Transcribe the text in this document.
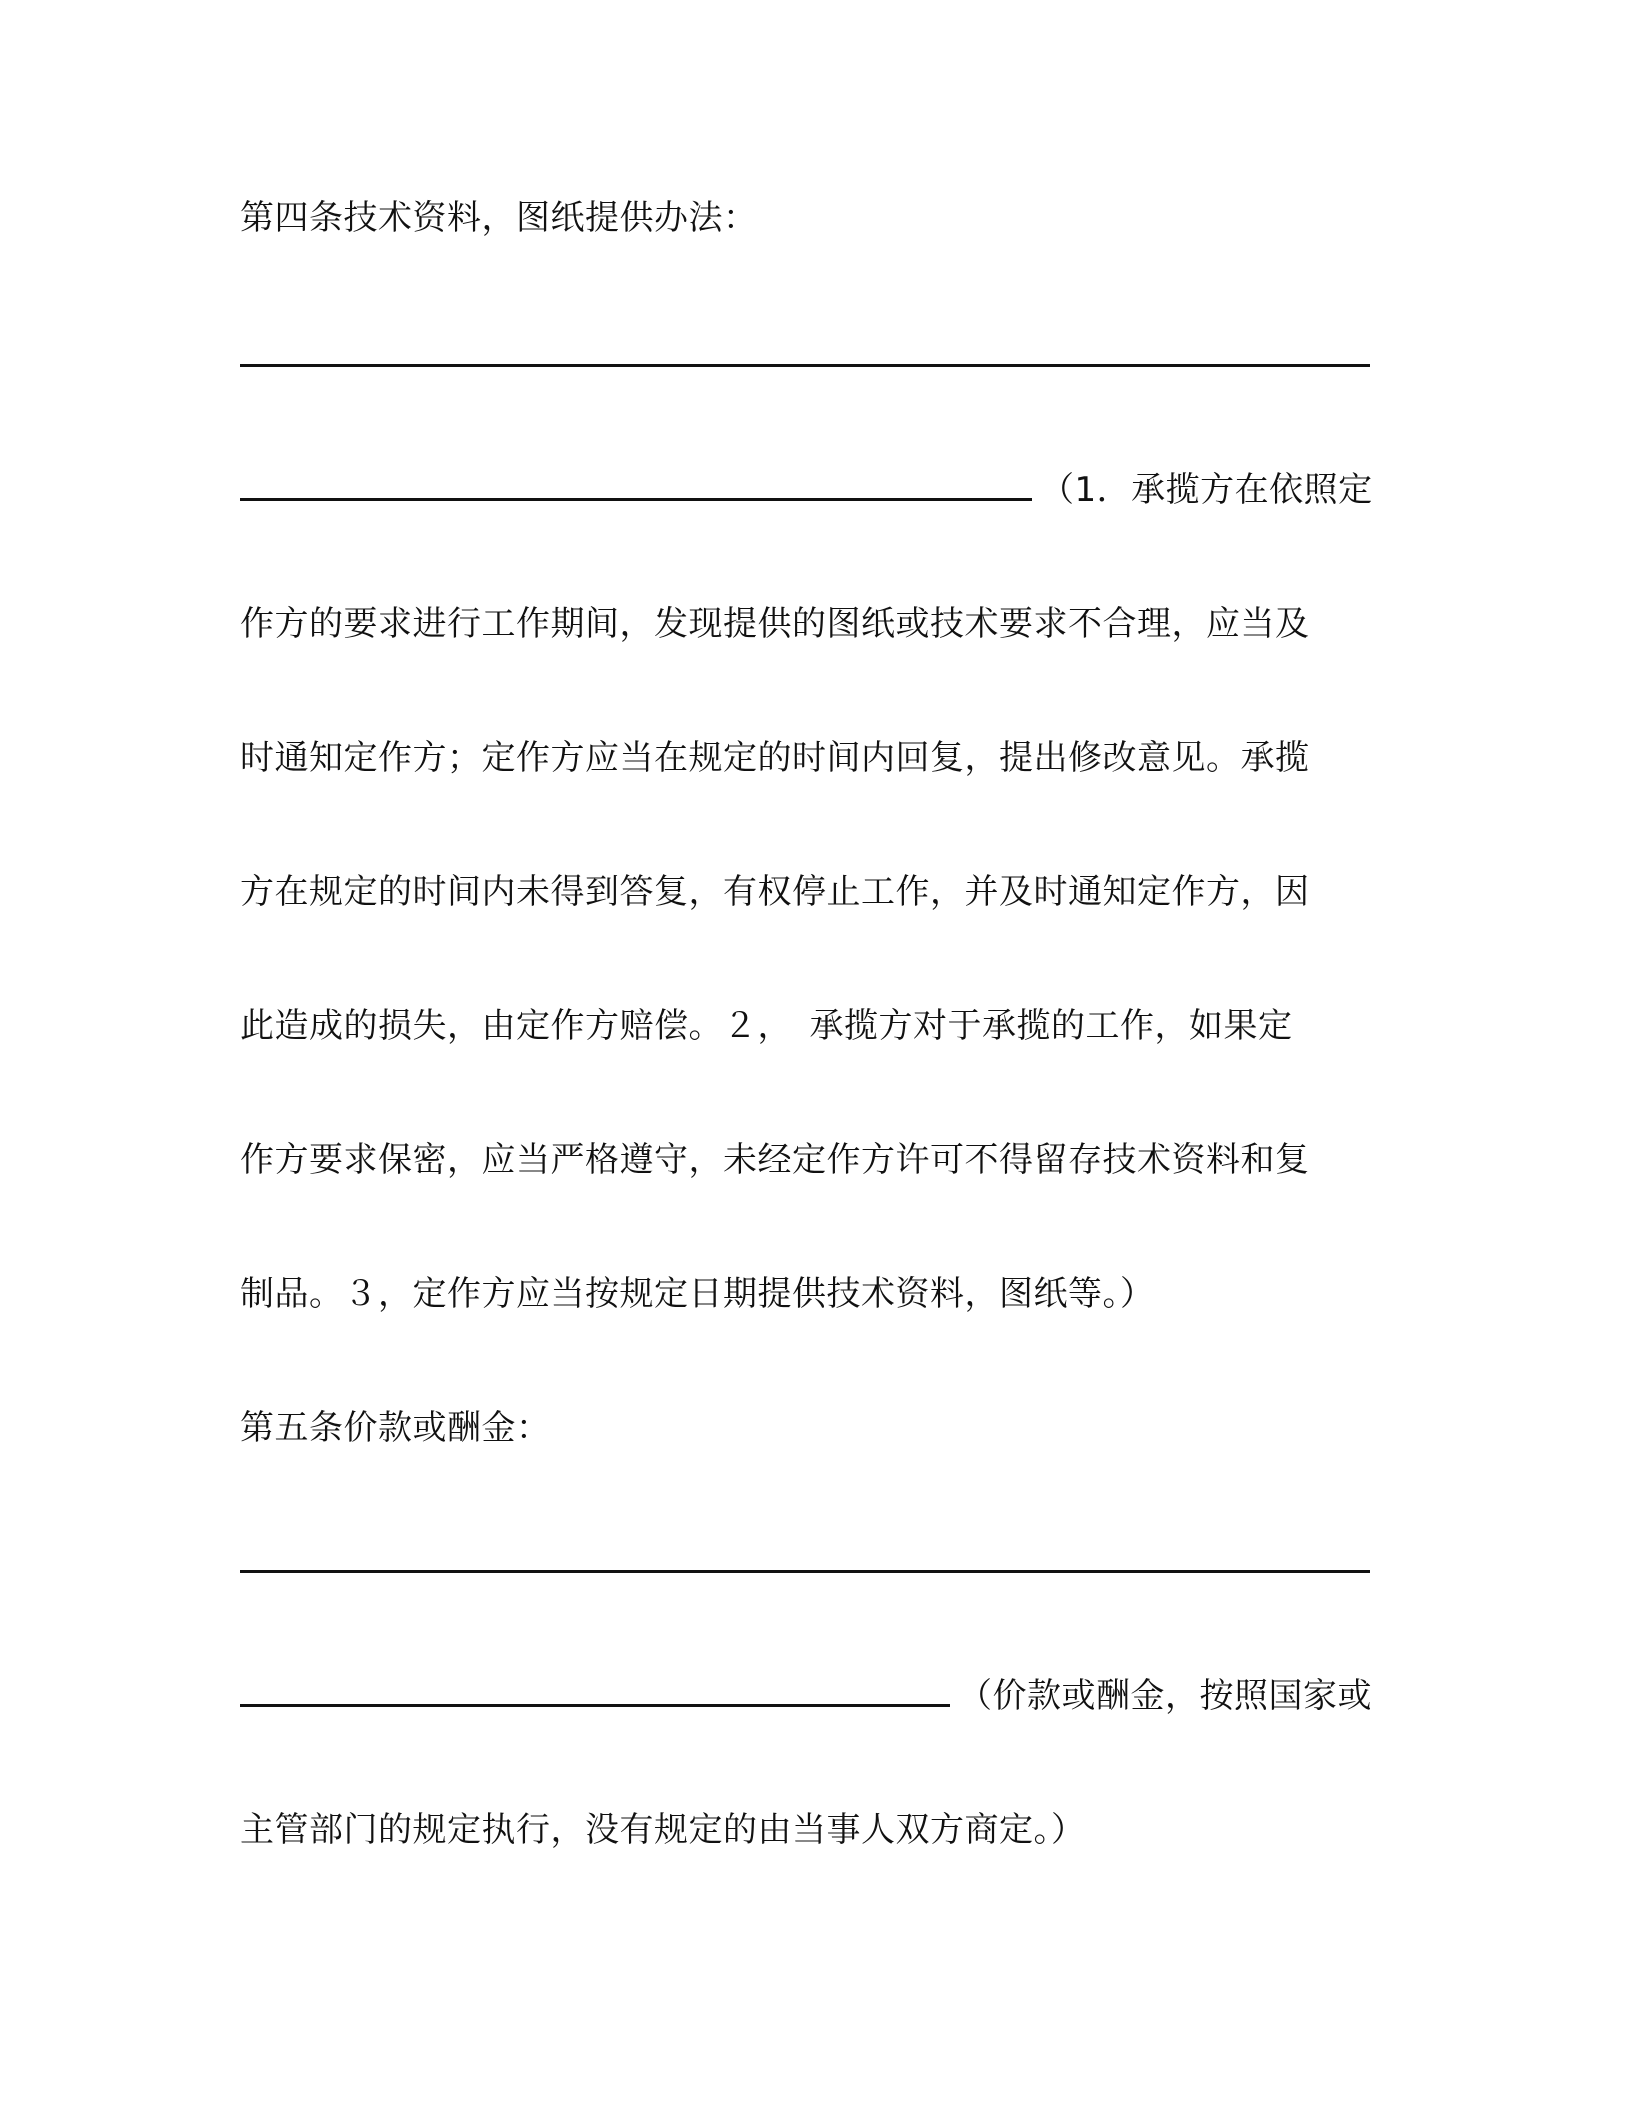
第四条技术资料，图纸提供办法：
（1．承揽方在依照定
作方的要求进行工作期间，发现提供的图纸或技术要求不合理，应当及
时通知定作方；定作方应当在规定的时间内回复，提出修改意见。承揽
方在规定的时间内未得到答复，有权停止工作，并及时通知定作方，因
此造成的损失，由定作方赔偿。２，　承揽方对于承揽的工作，如果定
作方要求保密，应当严格遵守，未经定作方许可不得留存技术资料和复
制品。３，定作方应当按规定日期提供技术资料，图纸等。）
第五条价款或酬金：
（价款或酬金，按照国家或
主管部门的规定执行，没有规定的由当事人双方商定。）
